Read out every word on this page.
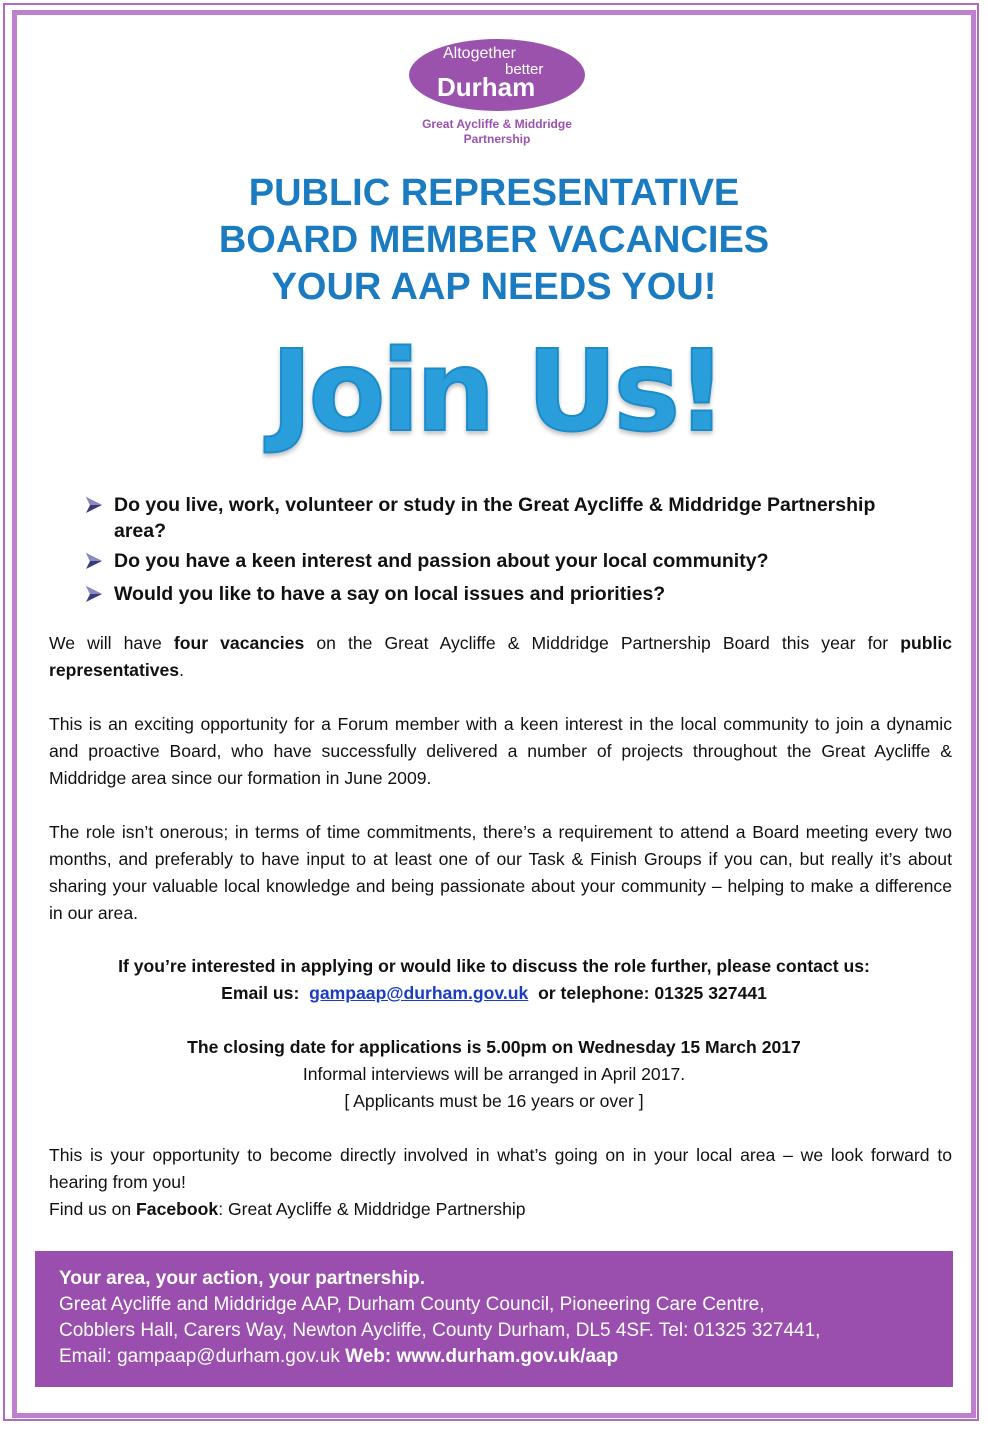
Altogether
better
Durham
Great Aycliffe & Middridge
Partnership
PUBLIC REPRESENTATIVE
BOARD MEMBER VACANCIES
YOUR AAP NEEDS YOU!
Join Us!
Do you live, work, volunteer or study in the Great Aycliffe & Middridge Partnership area?
Do you have a keen interest and passion about your local community?
Would you like to have a say on local issues and priorities?
We will have four vacancies on the Great Aycliffe & Middridge Partnership Board this year for public representatives.
This is an exciting opportunity for a Forum member with a keen interest in the local community to join a dynamic and proactive Board, who have successfully delivered a number of projects throughout the Great Aycliffe & Middridge area since our formation in June 2009.
The role isn’t onerous; in terms of time commitments, there’s a requirement to attend a Board meeting every two months, and preferably to have input to at least one of our Task & Finish Groups if you can, but really it’s about sharing your valuable local knowledge and being passionate about your community – helping to make a difference in our area.
If you’re interested in applying or would like to discuss the role further, please contact us:
Email us: gampaap@durham.gov.uk or telephone: 01325 327441
The closing date for applications is 5.00pm on Wednesday 15 March 2017
Informal interviews will be arranged in April 2017.
[ Applicants must be 16 years or over ]
This is your opportunity to become directly involved in what’s going on in your local area – we look forward to hearing from you!
Find us on Facebook: Great Aycliffe & Middridge Partnership
Your area, your action, your partnership.
Great Aycliffe and Middridge AAP, Durham County Council, Pioneering Care Centre,
Cobblers Hall, Carers Way, Newton Aycliffe, County Durham, DL5 4SF. Tel: 01325 327441,
Email: gampaap@durham.gov.uk Web: www.durham.gov.uk/aap
